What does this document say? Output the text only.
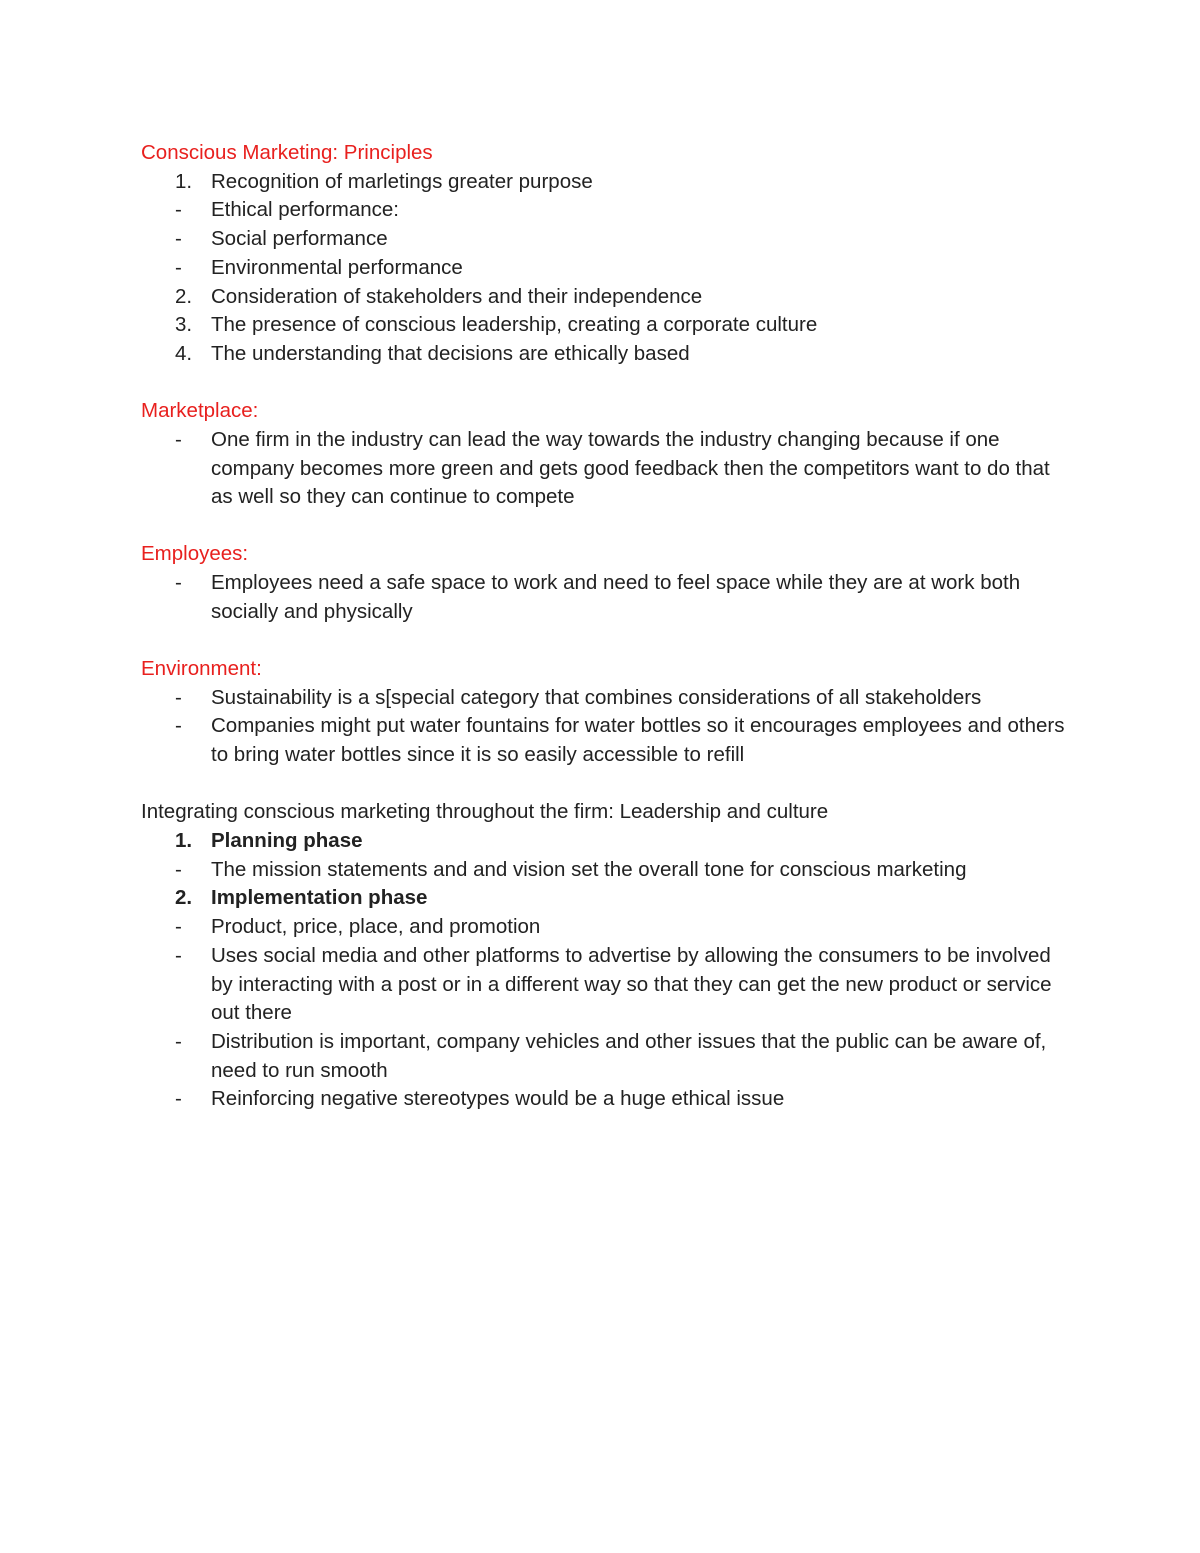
Conscious Marketing: Principles

1. Recognition of marletings greater purpose
-	Ethical performance:
-	Social performance
-	Environmental performance
2. Consideration of stakeholders and their independence
3. The presence of conscious leadership, creating a corporate culture
4. The understanding that decisions are ethically based

Marketplace:

-	One firm in the industry can lead the way towards the industry changing because if one company becomes more green and gets good feedback then the competitors want to do that as well so they can continue to compete

Employees:

-	Employees need a safe space to work and need to feel space while they are at work both socially and physically

Environment:

-	Sustainability is a s[special category that combines considerations of all stakeholders
-	Companies might put water fountains for water bottles so it encourages employees and others to bring water bottles since it is so easily accessible to refill

Integrating conscious marketing throughout the firm: Leadership and culture

1. Planning phase
-	The mission statements and and vision set the overall tone for conscious marketing
2. Implementation phase
-	Product, price, place, and promotion
-	Uses social media and other platforms to advertise by allowing the consumers to be involved by interacting with a post or in a different way so that they can get the new product or service out there
-	Distribution is important, company vehicles and other issues that the public can be aware of, need to run smooth
-	Reinforcing negative stereotypes would be a huge ethical issue
